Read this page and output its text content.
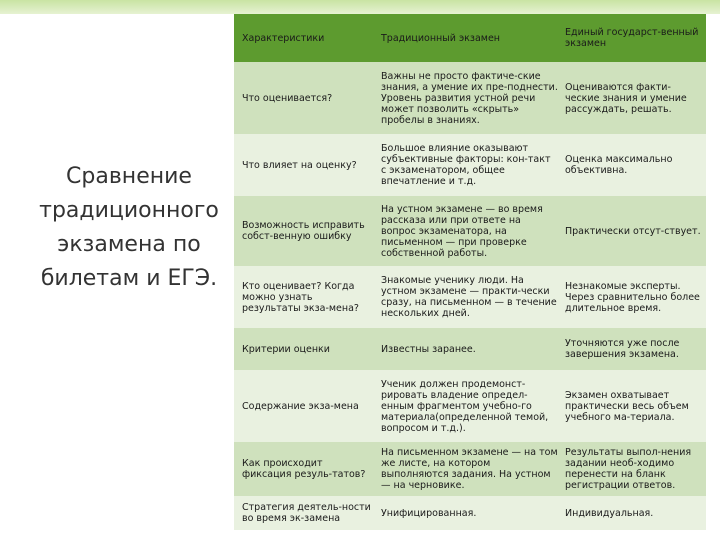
Сравнение традиционного экзамена по билетам и ЕГЭ.
Характеристики	Традиционный экзамен	Единый государст-венный экзамен
Что оценивается?	Важны не просто фактиче-ские знания, а умение их пре-поднести. Уровень развития устной речи может позволить «скрыть» пробелы в знаниях.	Оцениваются факти-ческие знания и умение рассуждать, решать.
Что влияет на оценку?	Большое влияние оказывают субъективные факторы: кон-такт с экзаменатором, общее впечатление и т.д.	Оценка максимально объективна.
Возможность исправить собст-венную ошибку	На устном экзамене — во время рассказа или при ответе на вопрос экзаменатора, на письменном — при проверке собственной работы.	Практически отсут-ствует.
Кто оценивает? Когда можно узнать результаты экза-мена?	Знакомые ученику люди. На устном экзамене — практи-чески сразу, на письменном — в течение нескольких дней.	Незнакомые эксперты. Через сравнительно более длительное время.
Критерии оценки	Известны заранее.	Уточняются уже после завершения экзамена.
Содержание экза-мена	Ученик должен продемонст-рировать владение определ-енным фрагментом учебно-го материала(определенной темой, вопросом и т.д.).	Экзамен охватывает практически весь объем учебного ма-териала.
Как происходит фиксация резуль-татов?	На письменном экзамене — на том же листе, на котором выполняются задания. На устном — на черновике.	Результаты выпол-нения задании необ-ходимо перенести на бланк регистрации ответов.
Стратегия деятель-ности во время эк-замена	Унифицированная.	Индивидуальная.
